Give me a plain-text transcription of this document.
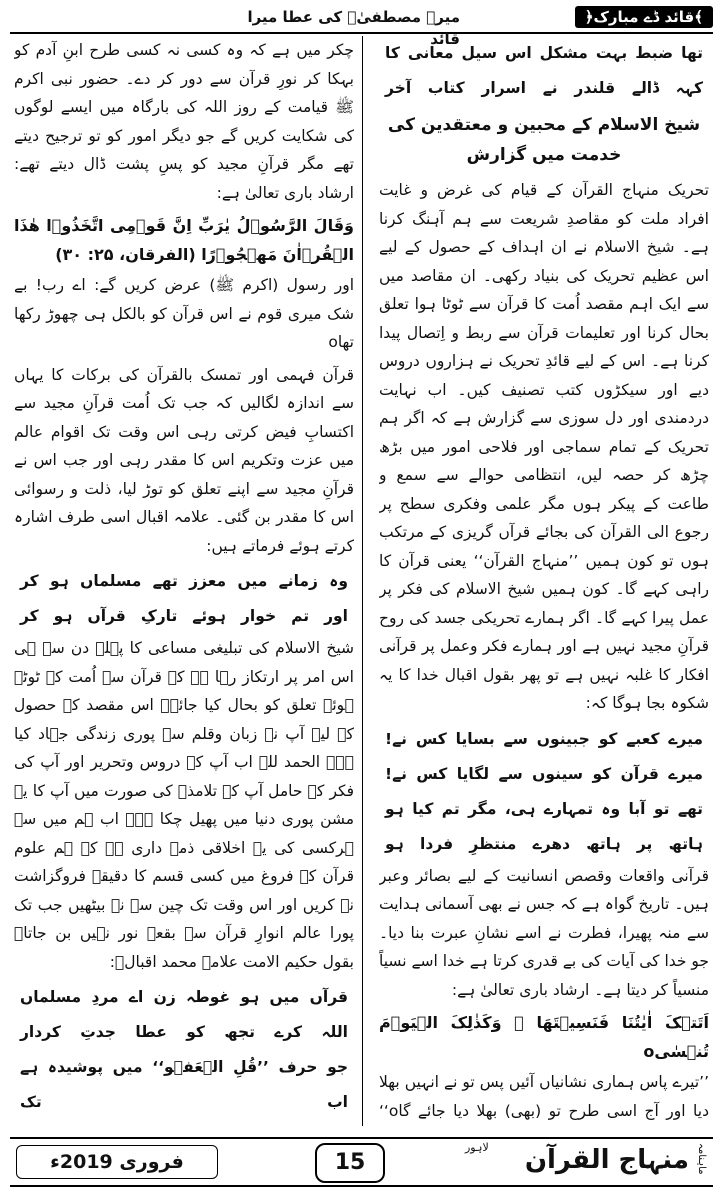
﴿قائد ڈے مبارک﴾
میرے مصطفیٰؐ کی عطا میرا قائد
تھا ضبط بہت مشکل اس سیل معانی کا
کہہ ڈالے قلندر نے اسرار کتاب آخر
شیخ الاسلام کے محبین و معتقدین کی خدمت میں گزارش

تحریک منہاج القرآن کے قیام کی غرض و غایت افراد ملت کو مقاصدِ شریعت سے ہم آہنگ کرنا ہے۔ شیخ الاسلام نے ان اہداف کے حصول کے لیے اس عظیم تحریک کی بنیاد رکھی۔ ان مقاصد میں سے ایک اہم مقصد اُمت کا قرآن سے ٹوٹا ہوا تعلق بحال کرنا اور تعلیمات قرآن سے ربط و اِتصال پیدا کرنا ہے۔ اس کے لیے قائدِ تحریک نے ہزاروں دروس دیے اور سیکڑوں کتب تصنیف کیں۔ اب نہایت دردمندی اور دل سوزی سے گزارش ہے کہ اگر ہم تحریک کے تمام سماجی اور فلاحی امور میں بڑھ چڑھ کر حصہ لیں، انتظامی حوالے سے سمع و طاعت کے پیکر ہوں مگر علمی وفکری سطح پر رجوع الی القرآن کی بجائے قرآں گریزی کے مرتکب ہوں تو کون ہمیں ’’منہاج القرآن‘‘ یعنی قرآن کا راہی کہے گا۔ کون ہمیں شیخ الاسلام کی فکر پر عمل پیرا کہے گا۔ اگر ہمارے تحریکی جسد کی روح قرآنِ مجید نہیں ہے اور ہمارے فکر وعمل پر قرآنی افکار کا غلبہ نہیں ہے تو پھر بقول اقبال خدا کا یہ شکوہ بجا ہوگا کہ:

میرے کعبے کو جبینوں سے بسایا کس نے!
میرے قرآن کو سینوں سے لگایا کس نے!
تھے تو آبا وہ تمہارے ہی، مگر تم کیا ہو
ہاتھ پر ہاتھ دھرے منتظرِ فردا ہو

قرآنی واقعات وقصص انسانیت کے لیے بصائر وعبر ہیں۔ تاریخ گواہ ہے کہ جس نے بھی آسمانی ہدایت سے منہ پھیرا، فطرت نے اسے نشانِ عبرت بنا دیا۔ جو خدا کی آیات کی بے قدری کرتا ہے خدا اسے نسیاً منسیاً کر دیتا ہے۔ ارشاد باری تعالیٰ ہے:

اَتَتۡکَ اٰیٰتُنَا فَنَسِیۡتَهَا ۚ وَکَذٰلِکَ الۡیَوۡمَ تُنۡسٰیo

’’تیرے پاس ہماری نشانیاں آئیں پس تو نے انہیں بھلا دیا اور آج اسی طرح تو (بھی) بھلا دیا جائے گاo‘‘

چکر میں ہے کہ وہ کسی نہ کسی طرح ابنِ آدم کو بہکا کر نورِ قرآن سے دور کر دے۔ حضور نبی اکرم ﷺ قیامت کے روز اللہ کی بارگاہ میں ایسے لوگوں کی شکایت کریں گے جو دیگر امور کو تو ترجیح دیتے تھے مگر قرآنِ مجید کو پسِ پشت ڈال دیتے تھے: ارشاد باری تعالیٰ ہے:

وَقَالَ الرَّسُوۡلُ یٰرَبِّ اِنَّ قَوۡمِی اتَّخَذُوۡا هٰذَا الۡقُرۡاٰنَ مَهۡجُوۡرًا (الفرقان، ۲۵: ۳۰)

اور رسول (اکرم ﷺ) عرض کریں گے: اے رب! بے شک میری قوم نے اس قرآن کو بالکل ہی چھوڑ رکھا تھاo

قرآن فہمی اور تمسک بالقرآن کی برکات کا یہاں سے اندازہ لگالیں کہ جب تک اُمت قرآنِ مجید سے اکتسابِ فیض کرتی رہی اس وقت تک اقوام عالم میں عزت وتکریم اس کا مقدر رہی اور جب اس نے قرآنِ مجید سے اپنے تعلق کو توڑ لیا، ذلت و رسوائی اس کا مقدر بن گئی۔ علامہ اقبال اسی طرف اشارہ کرتے ہوئے فرماتے ہیں:

وہ زمانے میں معزز تھے مسلماں ہو کر
اور تم خوار ہوئے تارکِ قرآں ہو کر

شیخ الاسلام کی تبلیغی مساعی کا پہلے دن سے ہی اس امر پر ارتکاز رہا ہے کہ قرآن سے اُمت کے ٹوٹے ہوئے تعلق کو بحال کیا جائے۔ اس مقصد کے حصول کے لیے آپ نے زبان وقلم سے پوری زندگی جہاد کیا ہے۔ الحمد للہ اب آپ کے دروس وتحریر اور آپ کی فکر کے حامل آپ کے تلامذہ کی صورت میں آپ کا یہ مشن پوری دنیا میں پھیل چکا ہے۔ اب ہم میں سے ہرکسی کی یہ اخلاقی ذمہ داری ہے کہ ہم علوم قرآن کے فروغ میں کسی قسم کا دقیقہ فروگزاشت نہ کریں اور اس وقت تک چین سے نہ بیٹھیں جب تک پورا عالم انوارِ قرآن سے بقعۂ نور نہیں بن جاتا۔ بقول حکیم الامت علامہ محمد اقبالؒ:

قرآں میں ہو غوطہ زن اے مردِ مسلماں
اللہ کرے تجھ کو عطا جدتِ کردار
جو حرف ’’قُلِ الۡعَفۡو‘‘ میں پوشیدہ ہے اب تک
فروری 2019ء	15	ماہنامہ
منہاج القرآن
لاہور
